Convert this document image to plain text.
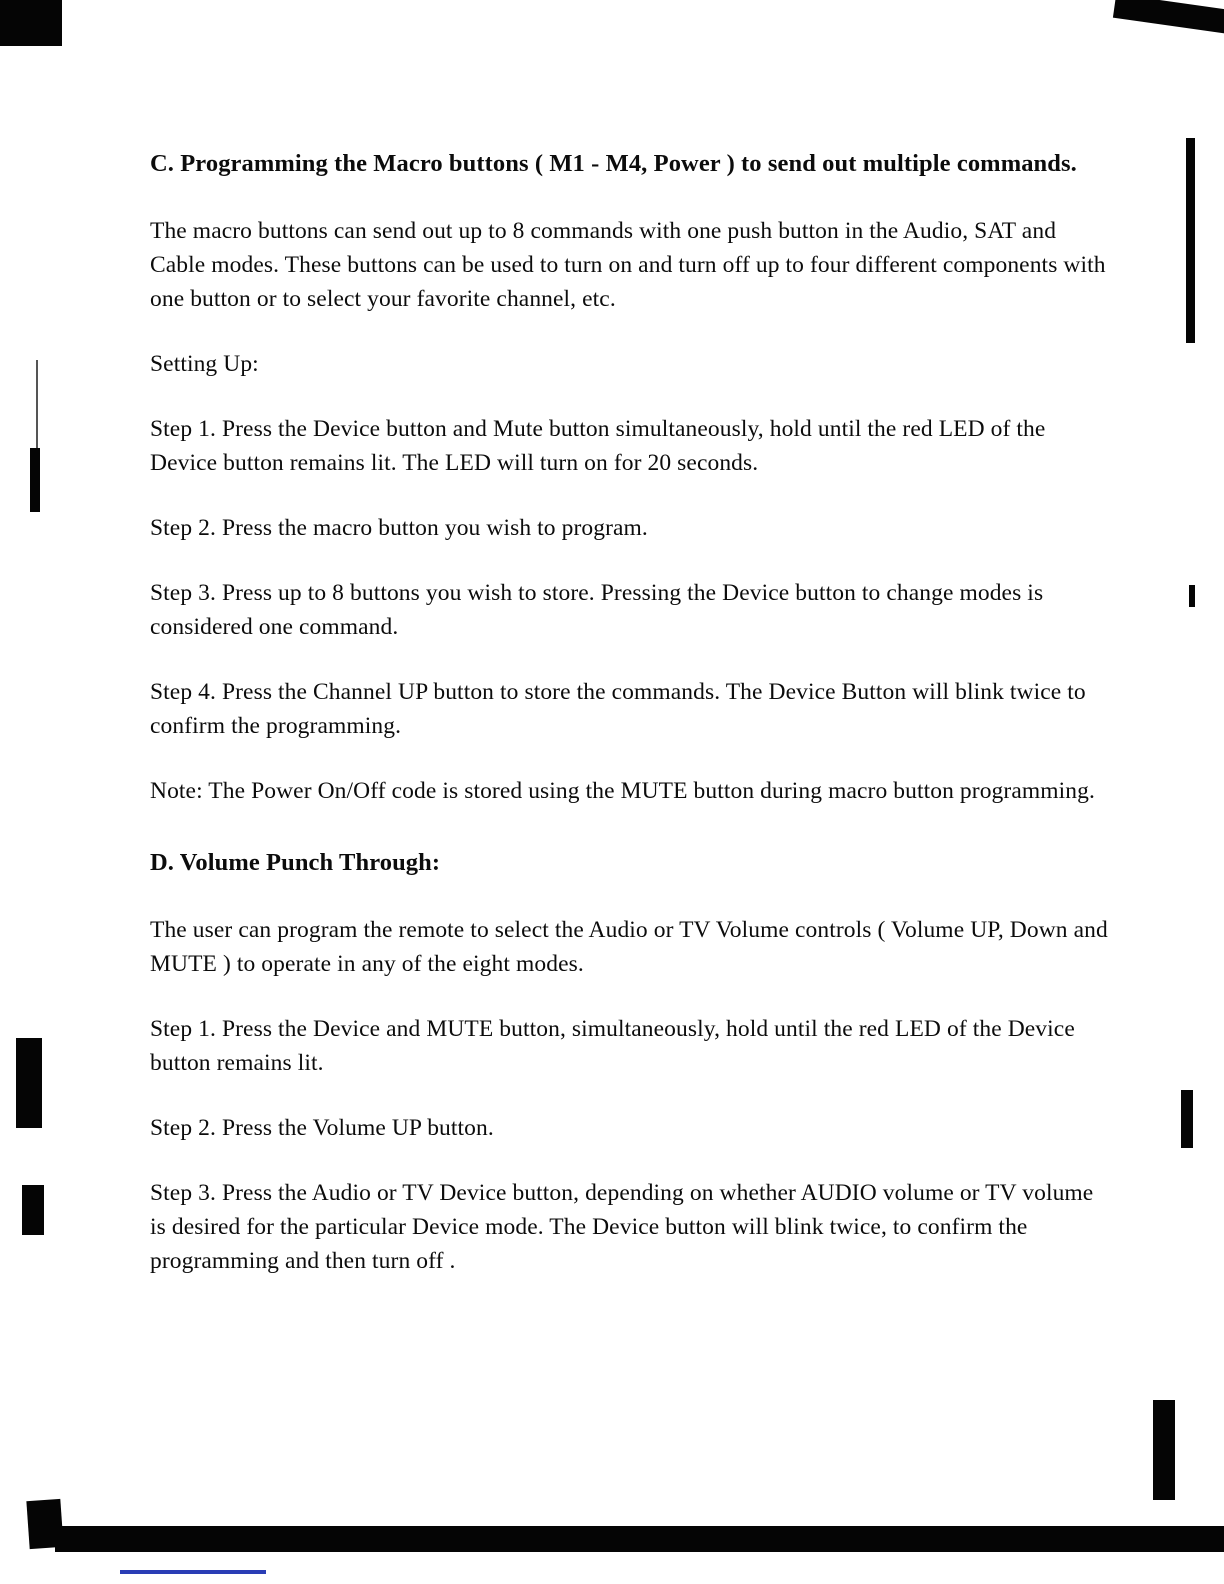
C. Programming the Macro buttons ( M1 - M4, Power ) to send out multiple commands.

The macro buttons can send out up to 8 commands with one push button in the Audio, SAT and Cable modes. These buttons can be used to turn on and turn off up to four different components with one button or to select your favorite channel, etc.

Setting Up:

Step 1. Press the Device button and Mute button simultaneously, hold until the red LED of the Device button remains lit. The LED will turn on for 20 seconds.

Step 2. Press the macro button you wish to program.

Step 3. Press up to 8 buttons you wish to store. Pressing the Device button to change modes is considered one command.

Step 4. Press the Channel UP button to store the commands. The Device Button will blink twice to confirm the programming.

Note: The Power On/Off code is stored using the MUTE button during macro button programming.

D. Volume Punch Through:

The user can program the remote to select the Audio or TV Volume controls ( Volume UP, Down and MUTE ) to operate in any of the eight modes.

Step 1. Press the Device and MUTE button, simultaneously, hold until the red LED of the Device button remains lit.

Step 2. Press the Volume UP button.

Step 3. Press the Audio or TV Device button, depending on whether AUDIO volume or TV volume is desired for the particular Device mode. The Device button will blink twice, to confirm the programming and then turn off .
